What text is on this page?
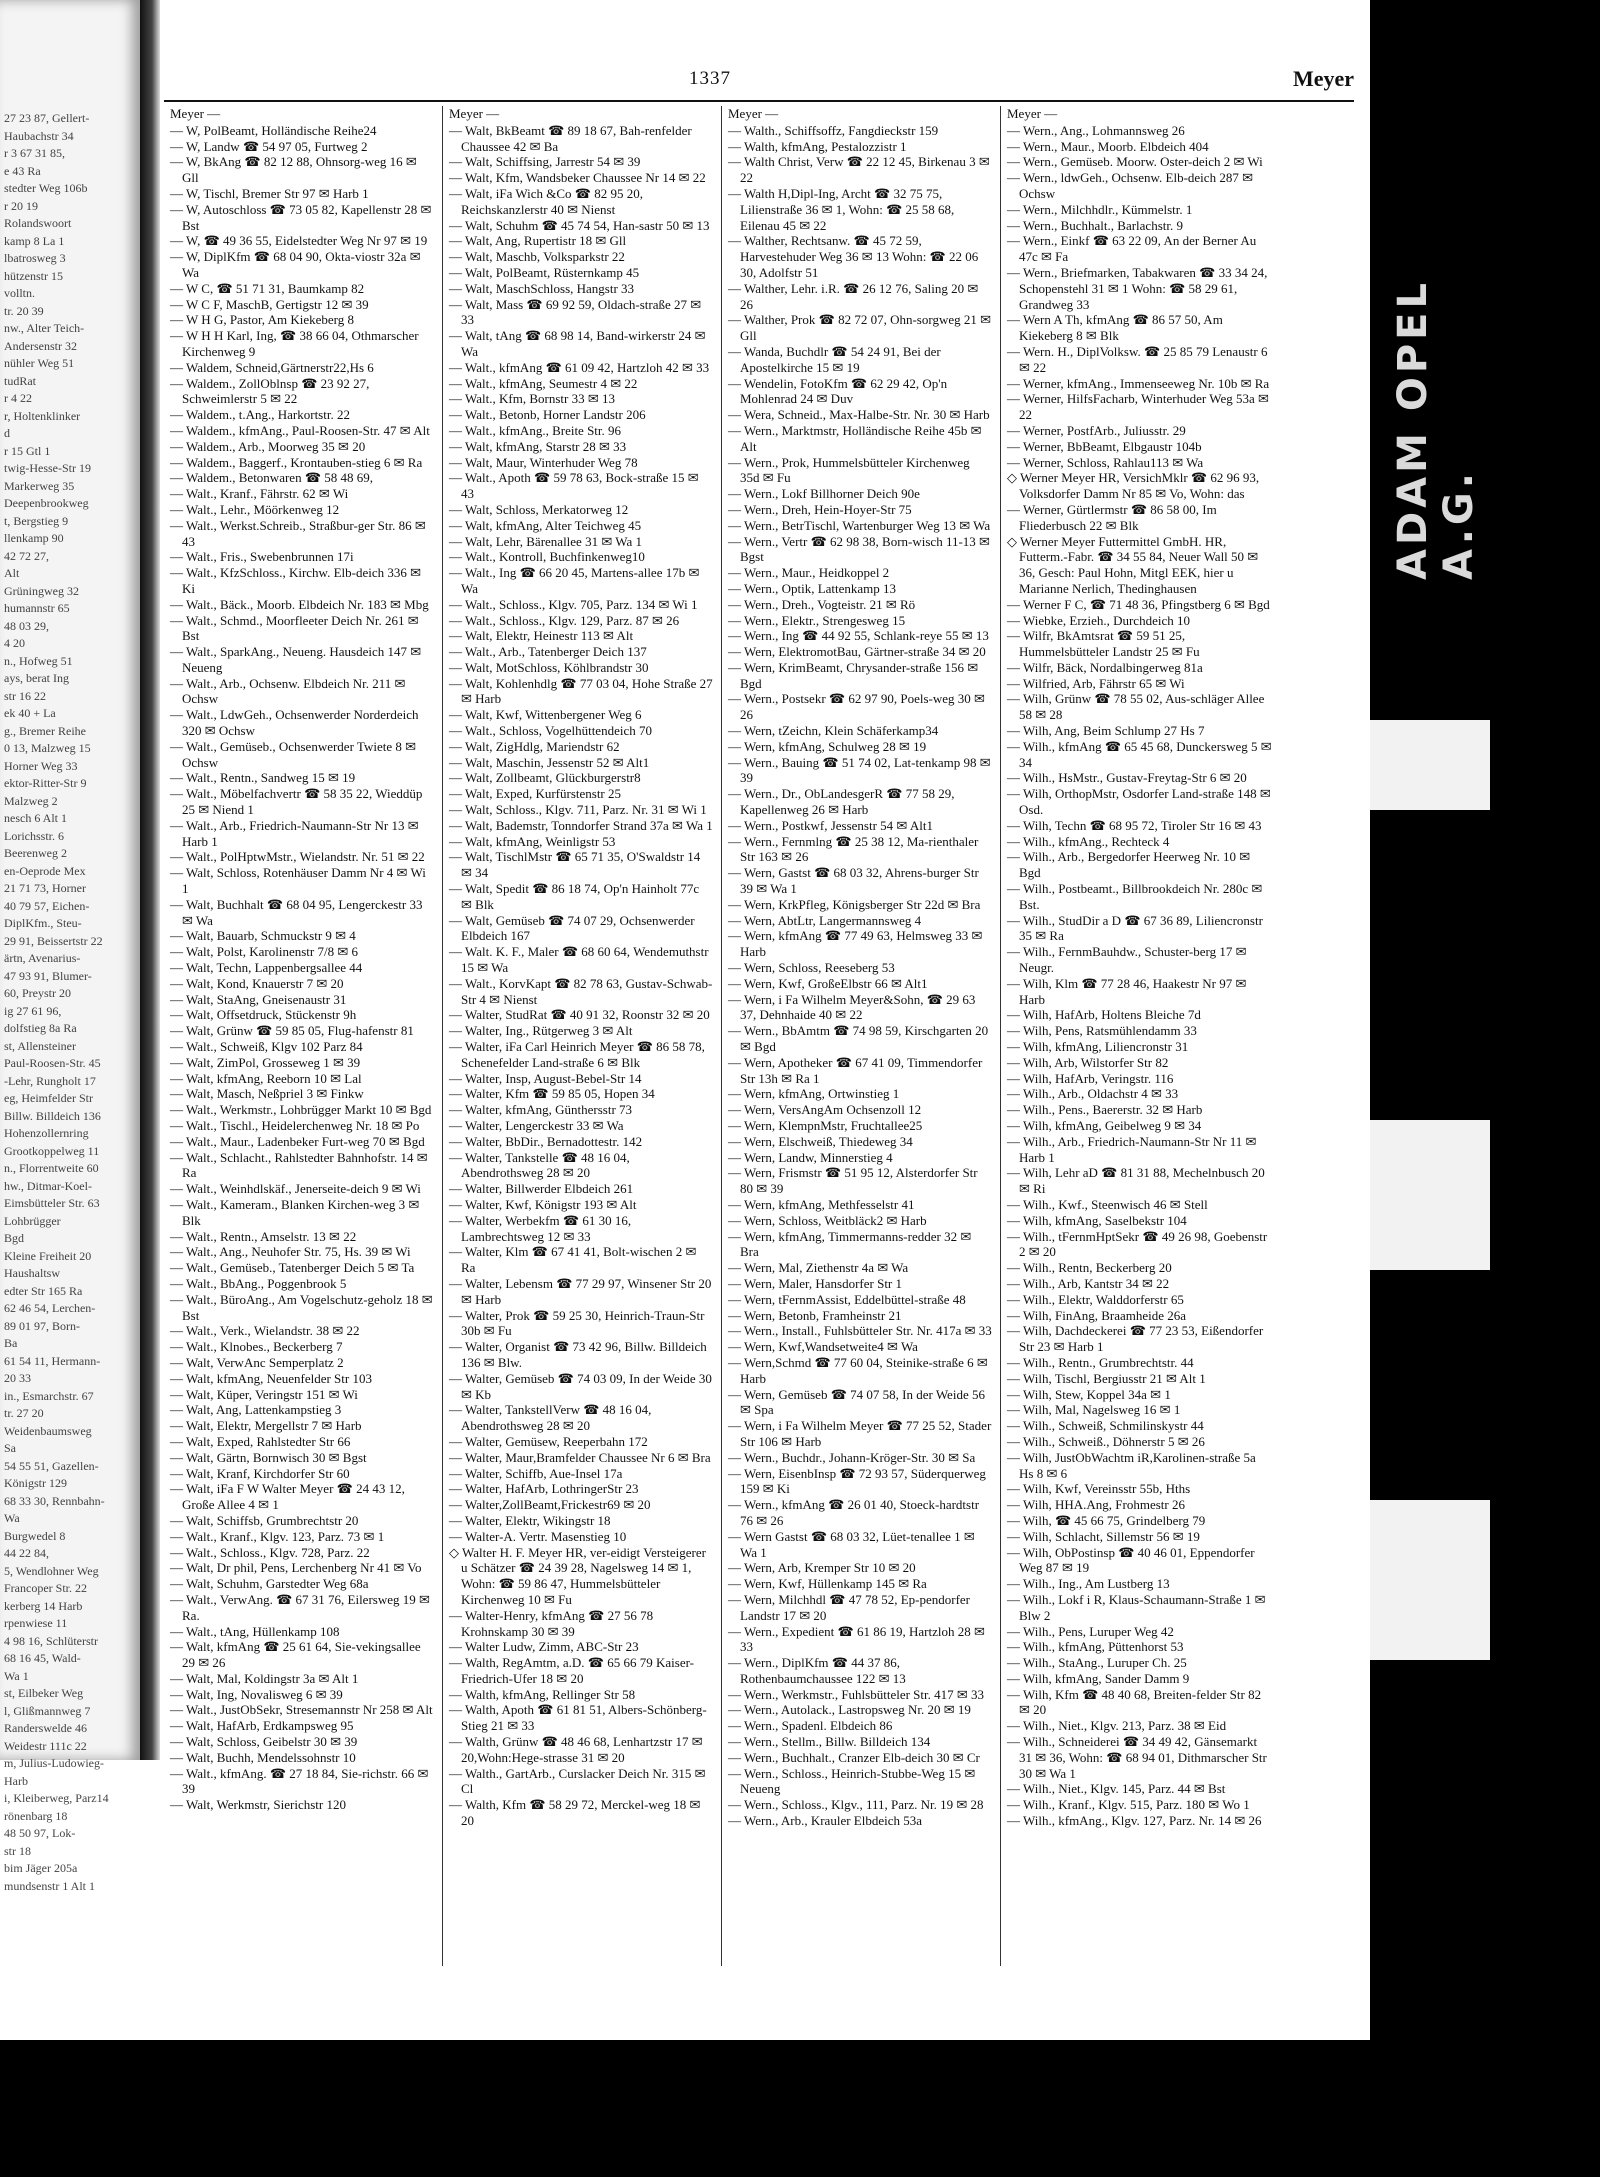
27 23 87, Gellert-
Haubachstr 34
r 3 67 31 85,
e 43 Ra
stedter Weg 106b
r 20 19
Rolandswoort
kamp 8 La 1
lbatrosweg 3
hützenstr 15
volltn.
tr. 20 39
nw., Alter Teich-
Andersenstr 32
nühler Weg 51
tudRat
r 4 22
r, Holtenklinker
d
r 15 Gtl 1
twig-Hesse-Str 19
Markerweg 35
Deepenbrookweg
t, Bergstieg 9
llenkamp 90
42 72 27,
Alt
Grüningweg 32
humannstr 65
48 03 29,
4 20
n., Hofweg 51
ays, berat Ing
str 16 22
ek 40 + La
g., Bremer Reihe
0 13, Malzweg 15
Horner Weg 33
ektor-Ritter-Str 9
Malzweg 2
nesch 6 Alt 1
Lorichsstr. 6
Beerenweg 2
en-Oeprode Mex
21 71 73, Horner
40 79 57, Eichen-
DiplKfm., Steu-
29 91, Beissertstr 22
ärtn, Avenarius-
47 93 91, Blumer-
60, Preystr 20
ig 27 61 96,
dolfstieg 8a Ra
st, Allensteiner
Paul-Roosen-Str. 45
-Lehr, Rungholt 17
eg, Heimfelder Str
Billw. Billdeich 136
Hohenzollernring
Grootkoppelweg 11
n., Florrentweite 60
hw., Ditmar-Koel-
Eimsbütteler Str. 63
Lohbrügger
Bgd
Kleine Freiheit 20
Haushaltsw
edter Str 165 Ra
62 46 54, Lerchen-
89 01 97, Born-
Ba
61 54 11, Hermann-
20 33
in., Esmarchstr. 67
tr. 27 20
Weidenbaumsweg
Sa
54 55 51, Gazellen-
Königstr 129
68 33 30, Rennbahn-
Wa
Burgwedel 8
44 22 84,
5, Wendlohner Weg
Francoper Str. 22
kerberg 14 Harb
rpenwiese 11
4 98 16, Schlüterstr
68 16 45, Wald-
Wa 1
st, Eilbeker Weg
l, Glißmannweg 7
Randerswelde 46
Weidestr 111c 22
m, Julius-Ludowieg-
Harb
i, Kleiberweg, Parz14
rönenbarg 18
48 50 97, Lok-
str 18
bim Jäger 205a
mundsenstr 1 Alt 1
1337	Meyer
Meyer —
— W, PolBeamt, Holländische Reihe24
— W, Landw ☎ 54 97 05, Furtweg 2
— W, BkAng ☎ 82 12 88, Ohnsorg-weg 16 ✉ Gll
— W, Tischl, Bremer Str 97 ✉ Harb 1
— W, Autoschloss ☎ 73 05 82, Kapellenstr 28 ✉ Bst
— W, ☎ 49 36 55, Eidelstedter Weg Nr 97 ✉ 19
— W, DiplKfm ☎ 68 04 90, Okta-viostr 32a ✉ Wa
— W C, ☎ 51 71 31, Baumkamp 82
— W C F, MaschB, Gertigstr 12 ✉ 39
— W H G, Pastor, Am Kiekeberg 8
— W H H Karl, Ing, ☎ 38 66 04, Othmarscher Kirchenweg 9
— Waldem, Schneid,Gärtnerstr22,Hs 6
— Waldem., ZollOblnsp ☎ 23 92 27, Schweimlerstr 5 ✉ 22
— Waldem., t.Ang., Harkortstr. 22
— Waldem., kfmAng., Paul-Roosen-Str. 47 ✉ Alt
— Waldem., Arb., Moorweg 35 ✉ 20
— Waldem., Baggerf., Krontauben-stieg 6 ✉ Ra
— Waldem., Betonwaren ☎ 58 48 69,
— Walt., Kranf., Fährstr. 62 ✉ Wi
— Walt., Lehr., Möörkenweg 12
— Walt., Werkst.Schreib., Straßbur-ger Str. 86 ✉ 43
— Walt., Fris., Swebenbrunnen 17i
— Walt., KfzSchloss., Kirchw. Elb-deich 336 ✉ Ki
— Walt., Bäck., Moorb. Elbdeich Nr. 183 ✉ Mbg
— Walt., Schmd., Moorfleeter Deich Nr. 261 ✉ Bst
— Walt., SparkAng., Neueng. Hausdeich 147 ✉ Neueng
— Walt., Arb., Ochsenw. Elbdeich Nr. 211 ✉ Ochsw
— Walt., LdwGeh., Ochsenwerder Norderdeich 320 ✉ Ochsw
— Walt., Gemüseb., Ochsenwerder Twiete 8 ✉ Ochsw
— Walt., Rentn., Sandweg 15 ✉ 19
— Walt., Möbelfachvertr ☎ 58 35 22, Wieddüp 25 ✉ Niend 1
— Walt., Arb., Friedrich-Naumann-Str Nr 13 ✉ Harb 1
— Walt., PolHptwMstr., Wielandstr. Nr. 51 ✉ 22
— Walt, Schloss, Rotenhäuser Damm Nr 4 ✉ Wi 1
— Walt, Buchhalt ☎ 68 04 95, Lengerckestr 33 ✉ Wa
— Walt, Bauarb, Schmuckstr 9 ✉ 4
— Walt, Polst, Karolinenstr 7/8 ✉ 6
— Walt, Techn, Lappenbergsallee 44
— Walt, Kond, Knauerstr 7 ✉ 20
— Walt, StaAng, Gneisenaustr 31
— Walt, Offsetdruck, Stückenstr 9h
— Walt, Grünw ☎ 59 85 05, Flug-hafenstr 81
— Walt., Schweiß, Klgv 102 Parz 84
— Walt, ZimPol, Grosseweg 1 ✉ 39
— Walt, kfmAng, Reeborn 10 ✉ Lal
— Walt, Masch, Neßpriel 3 ✉ Finkw
— Walt., Werkmstr., Lohbrügger Markt 10 ✉ Bgd
— Walt., Tischl., Heidelerchenweg Nr. 18 ✉ Po
— Walt., Maur., Ladenbeker Furt-weg 70 ✉ Bgd
— Walt., Schlacht., Rahlstedter Bahnhofstr. 14 ✉ Ra
— Walt., Weinhdlskäf., Jenerseite-deich 9 ✉ Wi
— Walt., Kameram., Blanken Kirchen-weg 3 ✉ Blk
— Walt., Rentn., Amselstr. 13 ✉ 22
— Walt., Ang., Neuhofer Str. 75, Hs. 39 ✉ Wi
— Walt., Gemüseb., Tatenberger Deich 5 ✉ Ta
— Walt., BbAng., Poggenbrook 5
— Walt., BüroAng., Am Vogelschutz-geholz 18 ✉ Bst
— Walt., Verk., Wielandstr. 38 ✉ 22
— Walt., Klnobes., Beckerberg 7
— Walt, VerwAnc Semperplatz 2
— Walt, kfmAng, Neuenfelder Str 103
— Walt, Küper, Veringstr 151 ✉ Wi
— Walt, Ang, Lattenkampstieg 3
— Walt, Elektr, Mergellstr 7 ✉ Harb
— Walt, Exped, Rahlstedter Str 66
— Walt, Gärtn, Bornwisch 30 ✉ Bgst
— Walt, Kranf, Kirchdorfer Str 60
— Walt, iFa F W Walter Meyer ☎ 24 43 12, Große Allee 4 ✉ 1
— Walt, Schiffsb, Grumbrechtstr 20
— Walt., Kranf., Klgv. 123, Parz. 73 ✉ 1
— Walt., Schloss., Klgv. 728, Parz. 22
— Walt, Dr phil, Pens, Lerchenberg Nr 41 ✉ Vo
— Walt, Schuhm, Garstedter Weg 68a
— Walt., VerwAng. ☎ 67 31 76, Eilersweg 19 ✉ Ra.
— Walt., tAng, Hüllenkamp 108
— Walt, kfmAng ☎ 25 61 64, Sie-vekingsallee 29 ✉ 26
— Walt, Mal, Koldingstr 3a ✉ Alt 1
— Walt, Ing, Novalisweg 6 ✉ 39
— Walt., JustObSekr, Stresemannstr Nr 258 ✉ Alt
— Walt, HafArb, Erdkampsweg 95
— Walt, Schloss, Geibelstr 30 ✉ 39
— Walt, Buchh, Mendelssohnstr 10
— Walt., kfmAng. ☎ 27 18 84, Sie-richstr. 66 ✉ 39
— Walt, Werkmstr, Sierichstr 120
Meyer —
— Walt, BkBeamt ☎ 89 18 67, Bah-renfelder Chaussee 42 ✉ Ba
— Walt, Schiffsing, Jarrestr 54 ✉ 39
— Walt, Kfm, Wandsbeker Chaussee Nr 14 ✉ 22
— Walt, iFa Wich &Co ☎ 82 95 20, Reichskanzlerstr 40 ✉ Nienst
— Walt, Schuhm ☎ 45 74 54, Han-sastr 50 ✉ 13
— Walt, Ang, Rupertistr 18 ✉ Gll
— Walt, Maschb, Volksparkstr 22
— Walt, PolBeamt, Rüsternkamp 45
— Walt, MaschSchloss, Hangstr 33
— Walt, Mass ☎ 69 92 59, Oldach-straße 27 ✉ 33
— Walt, tAng ☎ 68 98 14, Band-wirkerstr 24 ✉ Wa
— Walt., kfmAng ☎ 61 09 42, Hartzloh 42 ✉ 33
— Walt., kfmAng, Seumestr 4 ✉ 22
— Walt., Kfm, Bornstr 33 ✉ 13
— Walt., Betonb, Horner Landstr 206
— Walt., kfmAng., Breite Str. 96
— Walt, kfmAng, Starstr 28 ✉ 33
— Walt, Maur, Winterhuder Weg 78
— Walt., Apoth ☎ 59 78 63, Bock-straße 15 ✉ 43
— Walt, Schloss, Merkatorweg 12
— Walt, kfmAng, Alter Teichweg 45
— Walt, Lehr, Bärenallee 31 ✉ Wa 1
— Walt., Kontroll, Buchfinkenweg10
— Walt., Ing ☎ 66 20 45, Martens-allee 17b ✉ Wa
— Walt., Schloss., Klgv. 705, Parz. 134 ✉ Wi 1
— Walt., Schloss., Klgv. 129, Parz. 87 ✉ 26
— Walt, Elektr, Heinestr 113 ✉ Alt
— Walt., Arb., Tatenberger Deich 137
— Walt, MotSchloss, Köhlbrandstr 30
— Walt, Kohlenhdlg ☎ 77 03 04, Hohe Straße 27 ✉ Harb
— Walt, Kwf, Wittenbergener Weg 6
— Walt., Schloss, Vogelhüttendeich 70
— Walt, ZigHdlg, Mariendstr 62
— Walt, Maschin, Jessenstr 52 ✉ Alt1
— Walt, Zollbeamt, Glückburgerstr8
— Walt, Exped, Kurfürstenstr 25
— Walt, Schloss., Klgv. 711, Parz. Nr. 31 ✉ Wi 1
— Walt, Bademstr, Tonndorfer Strand 37a ✉ Wa 1
— Walt, kfmAng, Weinligstr 53
— Walt, TischlMstr ☎ 65 71 35, O'Swaldstr 14 ✉ 34
— Walt, Spedit ☎ 86 18 74, Op'n Hainholt 77c ✉ Blk
— Walt, Gemüseb ☎ 74 07 29, Ochsenwerder Elbdeich 167
— Walt. K. F., Maler ☎ 68 60 64, Wendemuthstr 15 ✉ Wa
— Walt., KorvKapt ☎ 82 78 63, Gustav-Schwab-Str 4 ✉ Nienst
— Walter, StudRat ☎ 40 91 32, Roonstr 32 ✉ 20
— Walter, Ing., Rütgerweg 3 ✉ Alt
— Walter, iFa Carl Heinrich Meyer ☎ 86 58 78, Schenefelder Land-straße 6 ✉ Blk
— Walter, Insp, August-Bebel-Str 14
— Walter, Kfm ☎ 59 85 05, Hopen 34
— Walter, kfmAng, Günthersstr 73
— Walter, Lengerckestr 33 ✉ Wa
— Walter, BbDir., Bernadottestr. 142
— Walter, Tankstelle ☎ 48 16 04, Abendrothsweg 28 ✉ 20
— Walter, Billwerder Elbdeich 261
— Walter, Kwf, Königstr 193 ✉ Alt
— Walter, Werbekfm ☎ 61 30 16, Lambrechtsweg 12 ✉ 33
— Walter, Klm ☎ 67 41 41, Bolt-wischen 2 ✉ Ra
— Walter, Lebensm ☎ 77 29 97, Winsener Str 20 ✉ Harb
— Walter, Prok ☎ 59 25 30, Heinrich-Traun-Str 30b ✉ Fu
— Walter, Organist ☎ 73 42 96, Billw. Billdeich 136 ✉ Blw.
— Walter, Gemüseb ☎ 74 03 09, In der Weide 30 ✉ Kb
— Walter, TankstellVerw ☎ 48 16 04, Abendrothsweg 28 ✉ 20
— Walter, Gemüsew, Reeperbahn 172
— Walter, Maur,Bramfelder Chaussee Nr 6 ✉ Bra
— Walter, Schiffb, Aue-Insel 17a
— Walter, HafArb, LothringerStr 23
— Walter,ZollBeamt,Frickestr69 ✉ 20
— Walter, Elektr, Wikingstr 18
— Walter-A. Vertr. Masenstieg 10
◇ Walter H. F. Meyer HR, ver-eidigt Versteigerer u Schätzer ☎ 24 39 28, Nagelsweg 14 ✉ 1, Wohn: ☎ 59 86 47, Hummelsbütteler Kirchenweg 10 ✉ Fu
— Walter-Henry, kfmAng ☎ 27 56 78 Krohnskamp 30 ✉ 39
— Walter Ludw, Zimm, ABC-Str 23
— Walth, RegAmtm, a.D. ☎ 65 66 79 Kaiser-Friedrich-Ufer 18 ✉ 20
— Walth, kfmAng, Rellinger Str 58
— Walth, Apoth ☎ 61 81 51, Albers-Schönberg-Stieg 21 ✉ 33
— Walth, Grünw ☎ 48 46 68, Lenhartzstr 17 ✉ 20,Wohn:Hege-strasse 31 ✉ 20
— Walth., GartArb., Curslacker Deich Nr. 315 ✉ Cl
— Walth, Kfm ☎ 58 29 72, Merckel-weg 18 ✉ 20
Meyer —
— Walth., Schiffsoffz, Fangdieckstr 159
— Walth, kfmAng, Pestalozzistr 1
— Walth Christ, Verw ☎ 22 12 45, Birkenau 3 ✉ 22
— Walth H,Dipl-Ing, Archt ☎ 32 75 75, Lilienstraße 36 ✉ 1, Wohn: ☎ 25 58 68, Eilenau 45 ✉ 22
— Walther, Rechtsanw. ☎ 45 72 59, Harvestehuder Weg 36 ✉ 13 Wohn: ☎ 22 06 30, Adolfstr 51
— Walther, Lehr. i.R. ☎ 26 12 76, Saling 20 ✉ 26
— Walther, Prok ☎ 82 72 07, Ohn-sorgweg 21 ✉ Gll
— Wanda, Buchdlr ☎ 54 24 91, Bei der Apostelkirche 15 ✉ 19
— Wendelin, FotoKfm ☎ 62 29 42, Op'n Mohlenrad 24 ✉ Duv
— Wera, Schneid., Max-Halbe-Str. Nr. 30 ✉ Harb
— Wern., Marktmstr, Holländische Reihe 45b ✉ Alt
— Wern., Prok, Hummelsbütteler Kirchenweg 35d ✉ Fu
— Wern., Lokf Billhorner Deich 90e
— Wern., Dreh, Hein-Hoyer-Str 75
— Wern., BetrTischl, Wartenburger Weg 13 ✉ Wa
— Wern., Vertr ☎ 62 98 38, Born-wisch 11-13 ✉ Bgst
— Wern., Maur., Heidkoppel 2
— Wern., Optik, Lattenkamp 13
— Wern., Dreh., Vogteistr. 21 ✉ Rö
— Wern., Elektr., Strengesweg 15
— Wern., Ing ☎ 44 92 55, Schlank-reye 55 ✉ 13
— Wern, ElektromotBau, Gärtner-straße 34 ✉ 20
— Wern, KrimBeamt, Chrysander-straße 156 ✉ Bgd
— Wern., Postsekr ☎ 62 97 90, Poels-weg 30 ✉ 26
— Wern, tZeichn, Klein Schäferkamp34
— Wern, kfmAng, Schulweg 28 ✉ 19
— Wern., Bauing ☎ 51 74 02, Lat-tenkamp 98 ✉ 39
— Wern., Dr., ObLandesgerR ☎ 77 58 29, Kapellenweg 26 ✉ Harb
— Wern., Postkwf, Jessenstr 54 ✉ Alt1
— Wern., Fernmlng ☎ 25 38 12, Ma-rienthaler Str 163 ✉ 26
— Wern, Gastst ☎ 68 03 32, Ahrens-burger Str 39 ✉ Wa 1
— Wern, KrkPfleg, Königsberger Str 22d ✉ Bra
— Wern, AbtLtr, Langermannsweg 4
— Wern, kfmAng ☎ 77 49 63, Helmsweg 33 ✉ Harb
— Wern, Schloss, Reeseberg 53
— Wern, Kwf, GroßeElbstr 66 ✉ Alt1
— Wern, i Fa Wilhelm Meyer&Sohn, ☎ 29 63 37, Dehnhaide 40 ✉ 22
— Wern., BbAmtm ☎ 74 98 59, Kirschgarten 20 ✉ Bgd
— Wern, Apotheker ☎ 67 41 09, Timmendorfer Str 13h ✉ Ra 1
— Wern, kfmAng, Ortwinstieg 1
— Wern, VersAngAm Ochsenzoll 12
— Wern, KlempnMstr, Fruchtallee25
— Wern, Elschweiß, Thiedeweg 34
— Wern, Landw, Minnerstieg 4
— Wern, Frismstr ☎ 51 95 12, Alsterdorfer Str 80 ✉ 39
— Wern, kfmAng, Methfesselstr 41
— Wern, Schloss, Weitbläck2 ✉ Harb
— Wern, kfmAng, Timmermanns-redder 32 ✉ Bra
— Wern, Mal, Ziethenstr 4a ✉ Wa
— Wern, Maler, Hansdorfer Str 1
— Wern, tFernmAssist, Eddelbüttel-straße 48
— Wern, Betonb, Framheinstr 21
— Wern., Install., Fuhlsbütteler Str. Nr. 417a ✉ 33
— Wern, Kwf,Wandsetweite4 ✉ Wa
— Wern,Schmd ☎ 77 60 04, Steinike-straße 6 ✉ Harb
— Wern, Gemüseb ☎ 74 07 58, In der Weide 56 ✉ Spa
— Wern, i Fa Wilhelm Meyer ☎ 77 25 52, Stader Str 106 ✉ Harb
— Wern., Buchdr., Johann-Kröger-Str. 30 ✉ Sa
— Wern, EisenbInsp ☎ 72 93 57, Süderquerweg 159 ✉ Ki
— Wern., kfmAng ☎ 26 01 40, Stoeck-hardtstr 76 ✉ 26
— Wern Gastst ☎ 68 03 32, Lüet-tenallee 1 ✉ Wa 1
— Wern, Arb, Kremper Str 10 ✉ 20
— Wern, Kwf, Hüllenkamp 145 ✉ Ra
— Wern, Milchhdl ☎ 47 78 52, Ep-pendorfer Landstr 17 ✉ 20
— Wern., Expedient ☎ 61 86 19, Hartzloh 28 ✉ 33
— Wern., DiplKfm ☎ 44 37 86, Rothenbaumchaussee 122 ✉ 13
— Wern., Werkmstr., Fuhlsbütteler Str. 417 ✉ 33
— Wern., Autolack., Lastropsweg Nr. 20 ✉ 19
— Wern., Spadenl. Elbdeich 86
— Wern., Stellm., Billw. Billdeich 134
— Wern., Buchhalt., Cranzer Elb-deich 30 ✉ Cr
— Wern., Schloss., Heinrich-Stubbe-Weg 15 ✉ Neueng
— Wern., Schloss., Klgv., 111, Parz. Nr. 19 ✉ 28
— Wern., Arb., Krauler Elbdeich 53a
Meyer —
— Wern., Ang., Lohmannsweg 26
— Wern., Maur., Moorb. Elbdeich 404
— Wern., Gemüseb. Moorw. Oster-deich 2 ✉ Wi
— Wern., ldwGeh., Ochsenw. Elb-deich 287 ✉ Ochsw
— Wern., Milchhdlr., Kümmelstr. 1
— Wern., Buchhalt., Barlachstr. 9
— Wern., Einkf ☎ 63 22 09, An der Berner Au 47c ✉ Fa
— Wern., Briefmarken, Tabakwaren ☎ 33 34 24, Schopenstehl 31 ✉ 1 Wohn: ☎ 58 29 61, Grandweg 33
— Wern A Th, kfmAng ☎ 86 57 50, Am Kiekeberg 8 ✉ Blk
— Wern. H., DiplVolksw. ☎ 25 85 79 Lenaustr 6 ✉ 22
— Werner, kfmAng., Immenseeweg Nr. 10b ✉ Ra
— Werner, HilfsFacharb, Winterhuder Weg 53a ✉ 22
— Werner, PostfArb., Juliusstr. 29
— Werner, BbBeamt, Elbgaustr 104b
— Werner, Schloss, Rahlau113 ✉ Wa
◇ Werner Meyer HR, VersichMklr ☎ 62 96 93, Volksdorfer Damm Nr 85 ✉ Vo, Wohn: das
— Werner, Gürtlermstr ☎ 86 58 00, Im Fliederbusch 22 ✉ Blk
◇ Werner Meyer Futtermittel GmbH. HR, Futterm.-Fabr. ☎ 34 55 84, Neuer Wall 50 ✉ 36, Gesch: Paul Hohn, Mitgl EEK, hier u Marianne Nerlich, Thedinghausen
— Werner F C, ☎ 71 48 36, Pfingstberg 6 ✉ Bgd
— Wiebke, Erzieh., Durchdeich 10
— Wilfr, BkAmtsrat ☎ 59 51 25, Hummelsbütteler Landstr 25 ✉ Fu
— Wilfr, Bäck, Nordalbingerweg 81a
— Wilfried, Arb, Fährstr 65 ✉ Wi
— Wilh, Grünw ☎ 78 55 02, Aus-schläger Allee 58 ✉ 28
— Wilh, Ang, Beim Schlump 27 Hs 7
— Wilh., kfmAng ☎ 65 45 68, Dunckersweg 5 ✉ 34
— Wilh., HsMstr., Gustav-Freytag-Str 6 ✉ 20
— Wilh, OrthopMstr, Osdorfer Land-straße 148 ✉ Osd.
— Wilh, Techn ☎ 68 95 72, Tiroler Str 16 ✉ 43
— Wilh., kfmAng., Rechteck 4
— Wilh., Arb., Bergedorfer Heerweg Nr. 10 ✉ Bgd
— Wilh., Postbeamt., Billbrookdeich Nr. 280c ✉ Bst.
— Wilh., StudDir a D ☎ 67 36 89, Liliencronstr 35 ✉ Ra
— Wilh., FernmBauhdw., Schuster-berg 17 ✉ Neugr.
— Wilh, Klm ☎ 77 28 46, Haakestr Nr 97 ✉ Harb
— Wilh, HafArb, Holtens Bleiche 7d
— Wilh, Pens, Ratsmühlendamm 33
— Wilh, kfmAng, Liliencronstr 31
— Wilh, Arb, Wilstorfer Str 82
— Wilh, HafArb, Veringstr. 116
— Wilh., Arb., Oldachstr 4 ✉ 33
— Wilh., Pens., Baererstr. 32 ✉ Harb
— Wilh, kfmAng, Geibelweg 9 ✉ 34
— Wilh., Arb., Friedrich-Naumann-Str Nr 11 ✉ Harb 1
— Wilh, Lehr aD ☎ 81 31 88, Mechelnbusch 20 ✉ Ri
— Wilh., Kwf., Steenwisch 46 ✉ Stell
— Wilh, kfmAng, Saselbekstr 104
— Wilh., tFernmHptSekr ☎ 49 26 98, Goebenstr 2 ✉ 20
— Wilh., Rentn, Beckerberg 20
— Wilh., Arb, Kantstr 34 ✉ 22
— Wilh., Elektr, Walddorferstr 65
— Wilh, FinAng, Braamheide 26a
— Wilh, Dachdeckerei ☎ 77 23 53, Eißendorfer Str 23 ✉ Harb 1
— Wilh., Rentn., Grumbrechtstr. 44
— Wilh, Tischl, Bergiusstr 21 ✉ Alt 1
— Wilh, Stew, Koppel 34a ✉ 1
— Wilh, Mal, Nagelsweg 16 ✉ 1
— Wilh., Schweiß, Schmilinskystr 44
— Wilh., Schweiß., Döhnerstr 5 ✉ 26
— Wilh, JustObWachtm iR,Karolinen-straße 5a Hs 8 ✉ 6
— Wilh, Kwf, Vereinsstr 55b, Hths
— Wilh, HHA.Ang, Frohmestr 26
— Wilh, ☎ 45 66 75, Grindelberg 79
— Wilh, Schlacht, Sillemstr 56 ✉ 19
— Wilh, ObPostinsp ☎ 40 46 01, Eppendorfer Weg 87 ✉ 19
— Wilh., Ing., Am Lustberg 13
— Wilh., Lokf i R, Klaus-Schaumann-Straße 1 ✉ Blw 2
— Wilh., Pens, Luruper Weg 42
— Wilh., kfmAng, Püttenhorst 53
— Wilh., StaAng., Luruper Ch. 25
— Wilh, kfmAng, Sander Damm 9
— Wilh, Kfm ☎ 48 40 68, Breiten-felder Str 82 ✉ 20
— Wilh., Niet., Klgv. 213, Parz. 38 ✉ Eid
— Wilh., Schneiderei ☎ 34 49 42, Gänsemarkt 31 ✉ 36, Wohn: ☎ 68 94 01, Dithmarscher Str 30 ✉ Wa 1
— Wilh., Niet., Klgv. 145, Parz. 44 ✉ Bst
— Wilh., Kranf., Klgv. 515, Parz. 180 ✉ Wo 1
— Wilh., kfmAng., Klgv. 127, Parz. Nr. 14 ✉ 26
ADAM OPEL A.G.
